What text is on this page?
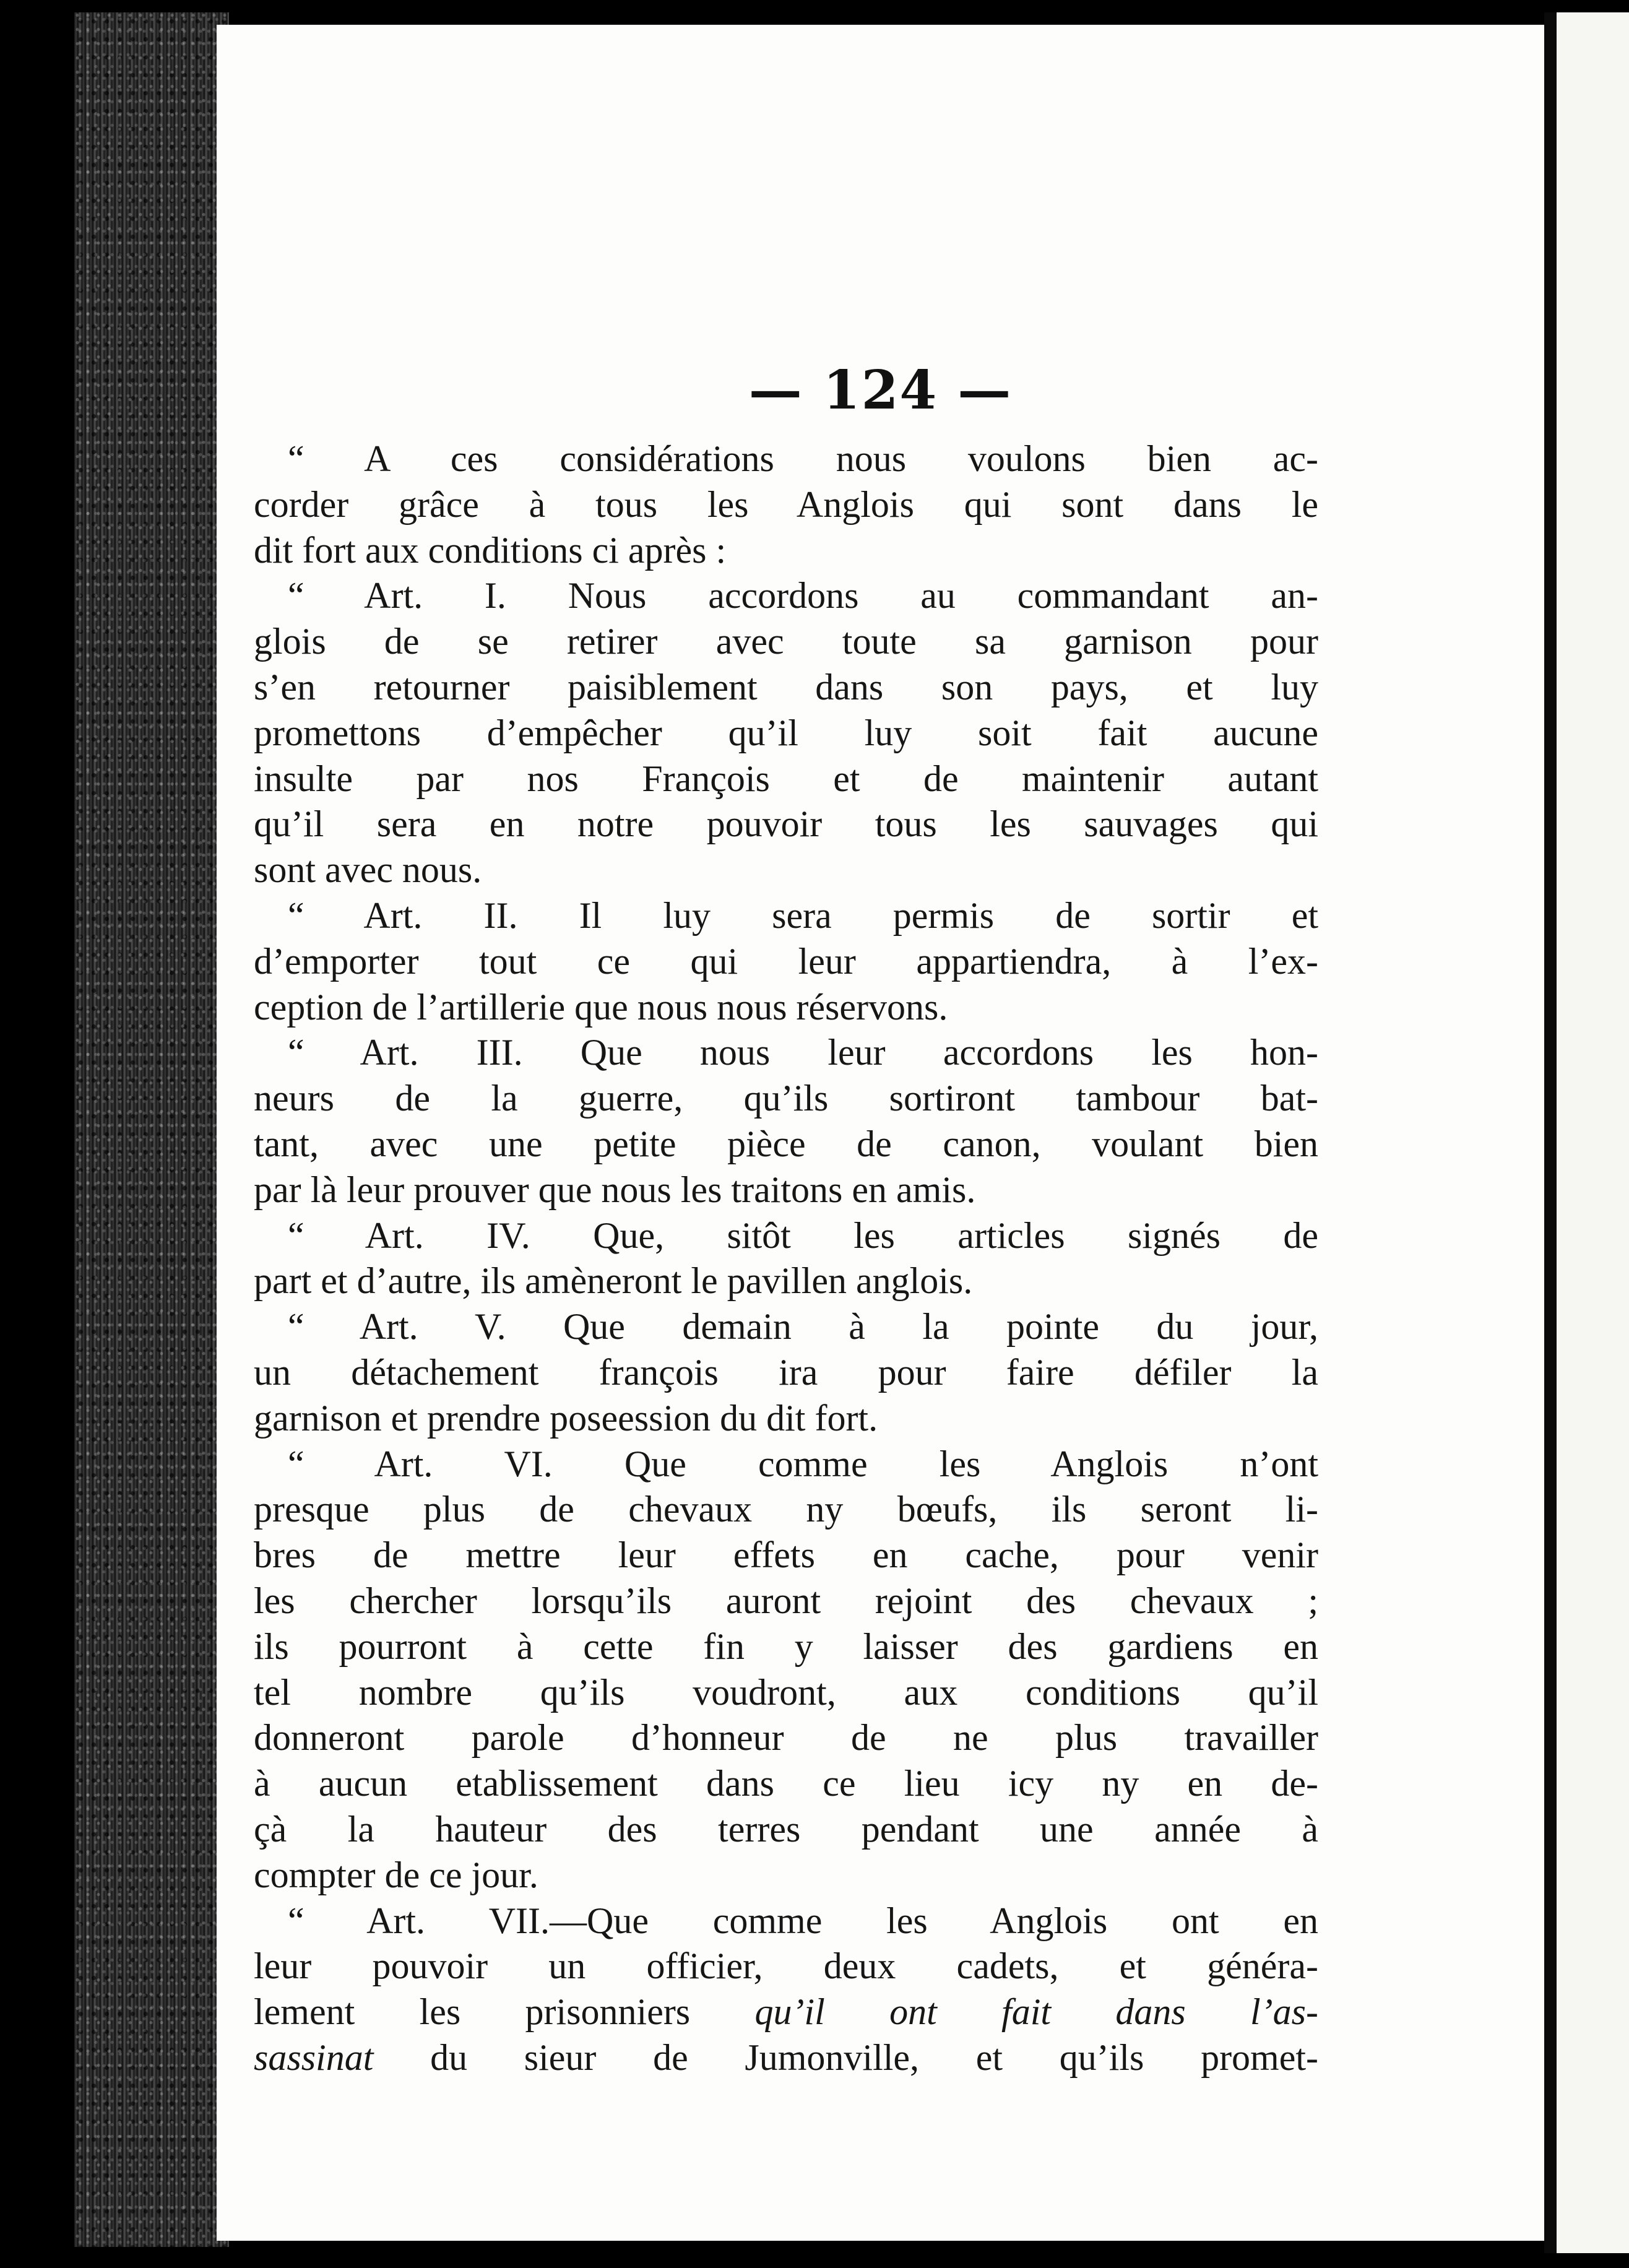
— 124 —

“ A ces considérations nous voulons bien ac-
corder grâce à tous les Anglois qui sont dans le
dit fort aux conditions ci après :

“ Art. I. Nous accordons au commandant an-
glois de se retirer avec toute sa garnison pour
s’en retourner paisiblement dans son pays, et luy
promettons d’empêcher qu’il luy soit fait aucune
insulte par nos François et de maintenir autant
qu’il sera en notre pouvoir tous les sauvages qui
sont avec nous.

“ Art. II. Il luy sera permis de sortir et
d’emporter tout ce qui leur appartiendra, à l’ex-
ception de l’artillerie que nous nous réservons.

“ Art. III. Que nous leur accordons les hon-
neurs de la guerre, qu’ils sortiront tambour bat-
tant, avec une petite pièce de canon, voulant bien
par là leur prouver que nous les traitons en amis.

“ Art. IV. Que, sitôt les articles signés de
part et d’autre, ils amèneront le pavillen anglois.

“ Art. V. Que demain à la pointe du jour,
un détachement françois ira pour faire défiler la
garnison et prendre poseession du dit fort.

“ Art. VI. Que comme les Anglois n’ont
presque plus de chevaux ny bœufs, ils seront li-
bres de mettre leur effets en cache, pour venir
les chercher lorsqu’ils auront rejoint des chevaux ;
ils pourront à cette fin y laisser des gardiens en
tel nombre qu’ils voudront, aux conditions qu’il
donneront parole d’honneur de ne plus travailler
à aucun etablissement dans ce lieu icy ny en de-
çà la hauteur des terres pendant une année à
compter de ce jour.

“ Art. VII.—Que comme les Anglois ont en
leur pouvoir un officier, deux cadets, et généra-
lement les prisonniers qu’il ont fait dans l’as-
sassinat du sieur de Jumonville, et qu’ils promet-
